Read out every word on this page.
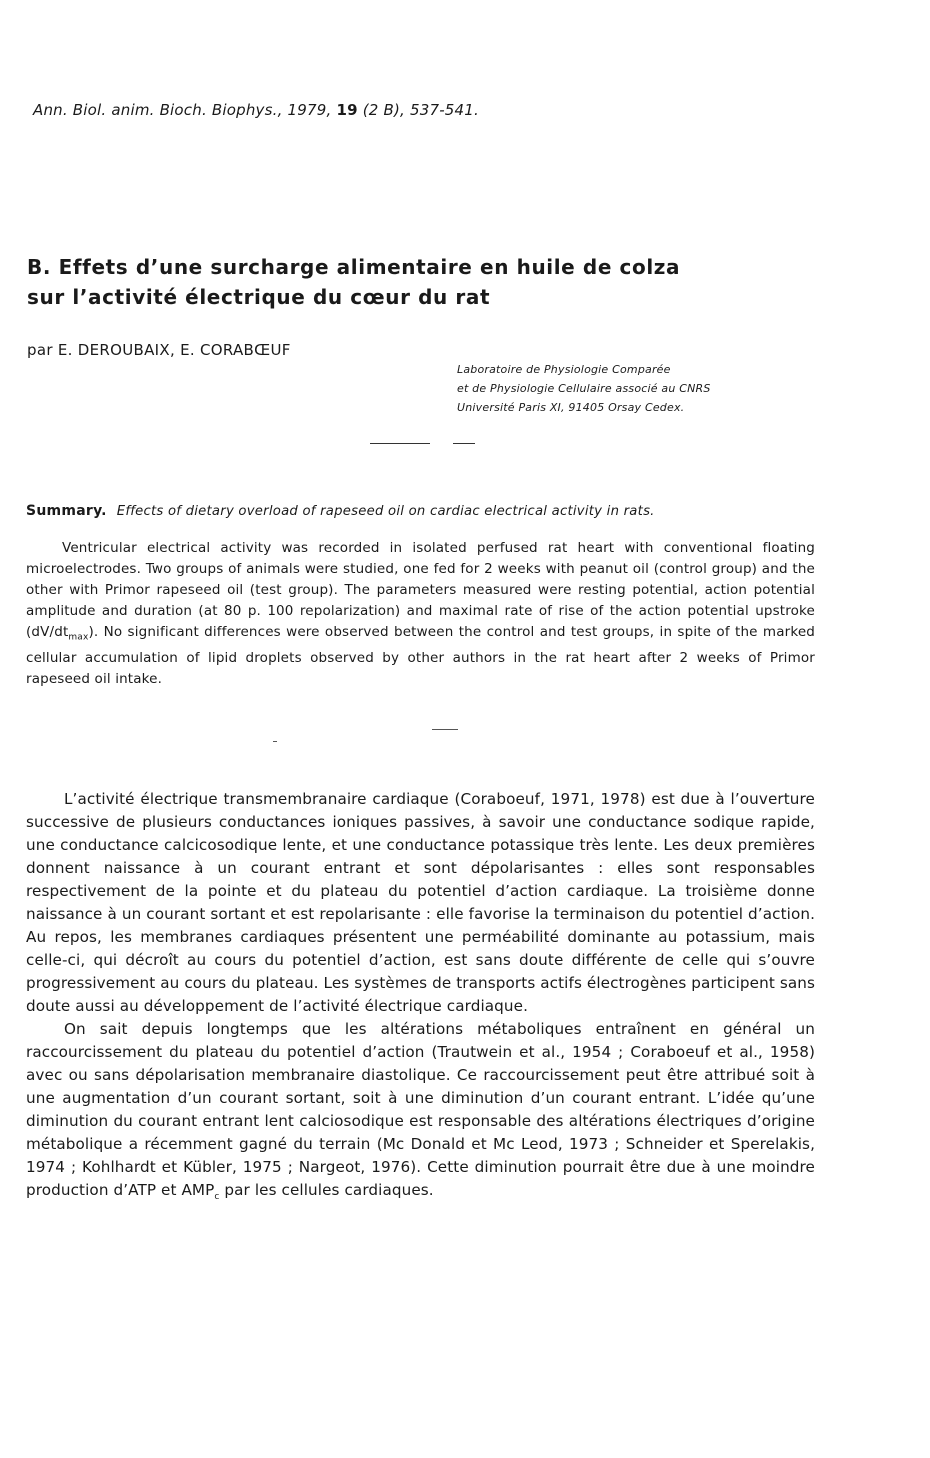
Ann. Biol. anim. Bioch. Biophys., 1979, 19 (2 B), 537-541.
B. Effets d’une surcharge alimentaire en huile de colza
sur l’activité électrique du cœur du rat
par E. DEROUBAIX, E. CORABŒUF
Laboratoire de Physiologie Comparée
et de Physiologie Cellulaire associé au CNRS
Université Paris XI, 91405 Orsay Cedex.
Summary. Effects of dietary overload of rapeseed oil on cardiac electrical activity in rats.

Ventricular electrical activity was recorded in isolated perfused rat heart with conventional floating microelectrodes. Two groups of animals were studied, one fed for 2 weeks with peanut oil (control group) and the other with Primor rapeseed oil (test group). The parameters measured were resting potential, action potential amplitude and duration (at 80 p. 100 repolarization) and maximal rate of rise of the action potential upstroke $(dV/dt_{max})$. No significant differences were observed between the control and test groups, in spite of the marked cellular accumulation of lipid droplets observed by other authors in the rat heart after 2 weeks of Primor rapeseed oil intake.

L’activité électrique transmembranaire cardiaque (Coraboeuf, 1971, 1978) est due à l’ouverture successive de plusieurs conductances ioniques passives, à savoir une conductance sodique rapide, une conductance calcicosodique lente, et une conductance potassique très lente. Les deux premières donnent naissance à un courant entrant et sont dépolarisantes : elles sont responsables respectivement de la pointe et du plateau du potentiel d’action cardiaque. La troisième donne naissance à un courant sortant et est repolarisante : elle favorise la terminaison du potentiel d’action. Au repos, les membranes cardiaques présentent une perméabilité dominante au potassium, mais celle-ci, qui décroît au cours du potentiel d’action, est sans doute différente de celle qui s’ouvre progressivement au cours du plateau. Les systèmes de transports actifs électrogènes participent sans doute aussi au développement de l’activité électrique cardiaque.

On sait depuis longtemps que les altérations métaboliques entraînent en général un raccourcissement du plateau du potentiel d’action (Trautwein et al., 1954 ; Coraboeuf et al., 1958) avec ou sans dépolarisation membranaire diastolique. Ce raccourcissement peut être attribué soit à une augmentation d’un courant sortant, soit à une diminution d’un courant entrant. L’idée qu’une diminution du courant entrant lent calciosodique est responsable des altérations électriques d’origine métabolique a récemment gagné du terrain (Mc Donald et Mc Leod, 1973 ; Schneider et Sperelakis, 1974 ; Kohlhardt et Kübler, 1975 ; Nargeot, 1976). Cette diminution pourrait être due à une moindre production d’ATP et $AMP_c$ par les cellules cardiaques.
